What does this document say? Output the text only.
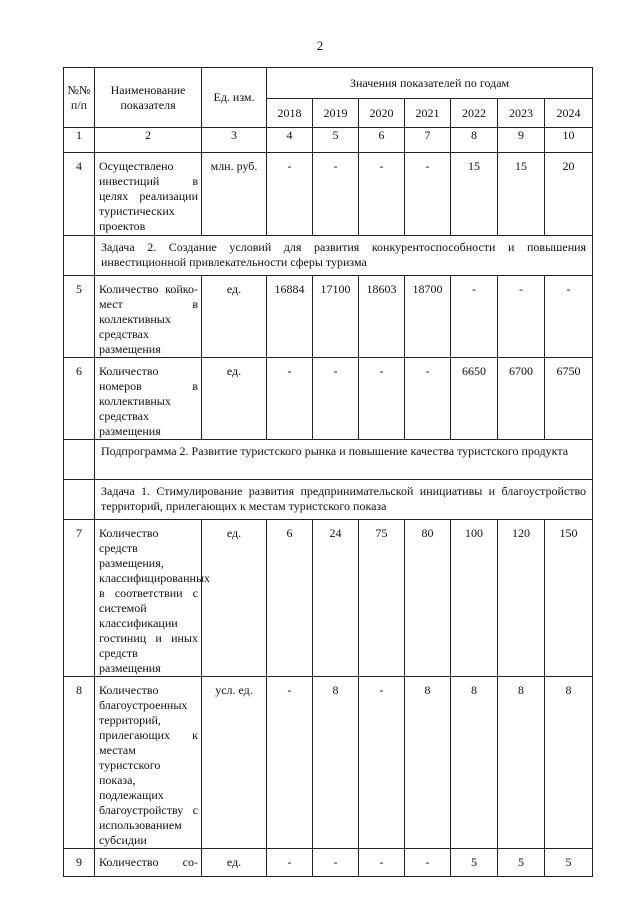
2
№№ п/п	Наименование показателя	Ед. изм.	Значения показателей по годам						
			2018	2019	2020	2021	2022	2023	2024
1	2	3	4	5	6	7	8	9	10
4	Осуществлено инвестиций в целях реализации туристических проектов	млн. руб.	-	-	-	-	15	15	20
	Задача 2. Создание условий для развития конкурентоспособности и повышения инвестиционной привлекательности сферы туризма								
5	Количество койко-мест в коллективных средствах размещения	ед.	16884	17100	18603	18700	-	-	-
6	Количество номеров в коллективных средствах размещения	ед.	-	-	-	-	6650	6700	6750
	Подпрограмма 2. Развитие туристского рынка и повышение качества туристского продукта								
	Задача 1. Стимулирование развития предпринимательской инициативы и благоустройство территорий, прилегающих к местам туристского показа								
7	Количество средств размещения, классифицированных в соответствии с системой классификации гостиниц и иных средств размещения	ед.	6	24	75	80	100	120	150
8	Количество благоустроенных территорий, прилегающих к местам туристского показа, подлежащих благоустройству с использованием субсидии	усл. ед.	-	8	-	8	8	8	8
9	Количество со-	ед.	-	-	-	-	5	5	5
